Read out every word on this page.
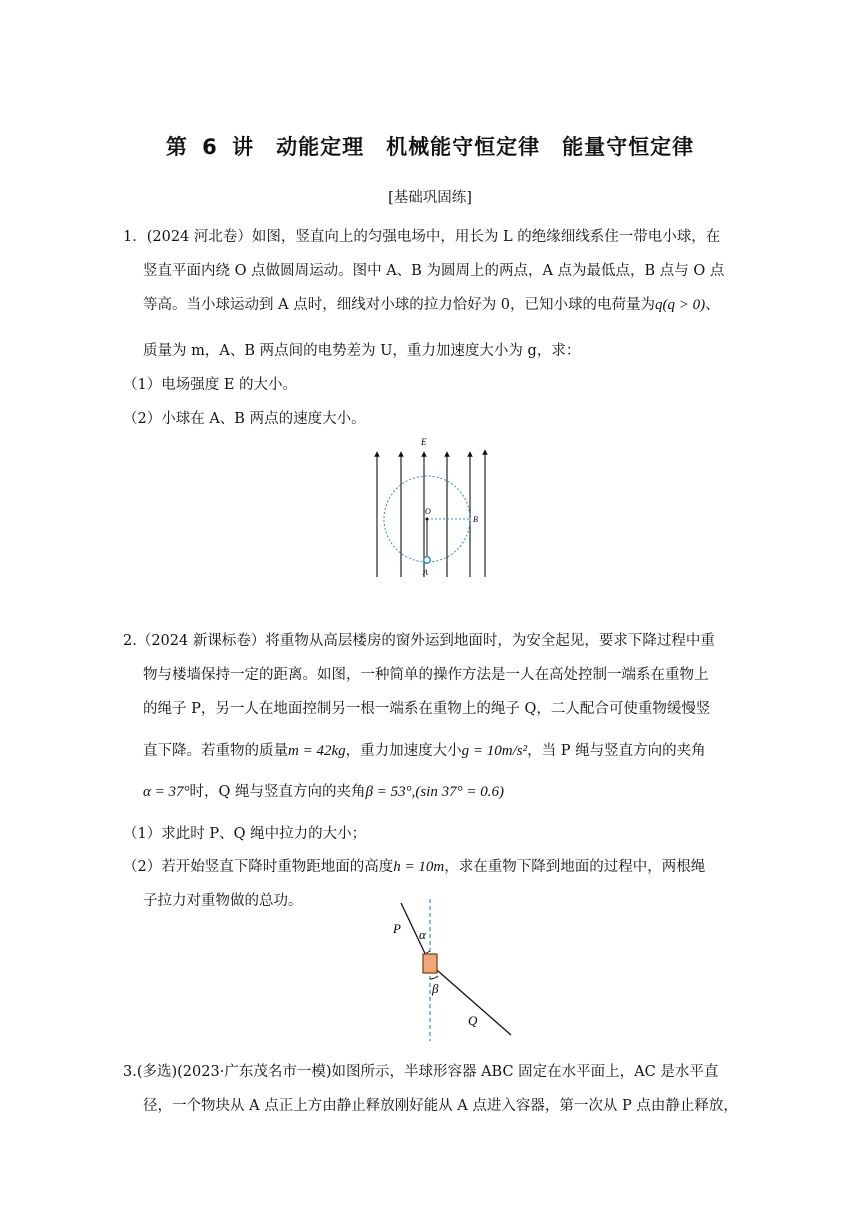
第 6 讲　动能定理　机械能守恒定律　能量守恒定律
[基础巩固练]
1．(2024 河北卷）如图，竖直向上的匀强电场中，用长为 L 的绝缘细线系住一带电小球，在
竖直平面内绕 O 点做圆周运动。图中 A、B 为圆周上的两点，A 点为最低点，B 点与 O 点
等高。当小球运动到 A 点时，细线对小球的拉力恰好为 0，已知小球的电荷量为q(q > 0)、
质量为 m，A、B 两点间的电势差为 U，重力加速度大小为 g，求：
（1）电场强度 E 的大小。
（2）小球在 A、B 两点的速度大小。
E
O
B
A
2.（2024 新课标卷）将重物从高层楼房的窗外运到地面时，为安全起见，要求下降过程中重
物与楼墙保持一定的距离。如图，一种简单的操作方法是一人在高处控制一端系在重物上
的绳子 P，另一人在地面控制另一根一端系在重物上的绳子 Q，二人配合可使重物缓慢竖
直下降。若重物的质量m = 42kg，重力加速度大小g = 10m/s²，当 P 绳与竖直方向的夹角
α = 37°时，Q 绳与竖直方向的夹角β = 53°,(sin 37° = 0.6)
（1）求此时 P、Q 绳中拉力的大小；
（2）若开始竖直下降时重物距地面的高度h = 10m，求在重物下降到地面的过程中，两根绳
子拉力对重物做的总功。
P α
β
Q
3.(多选)(2023·广东茂名市一模)如图所示，半球形容器 ABC 固定在水平面上，AC 是水平直
径，一个物块从 A 点正上方由静止释放刚好能从 A 点进入容器，第一次从 P 点由静止释放，
